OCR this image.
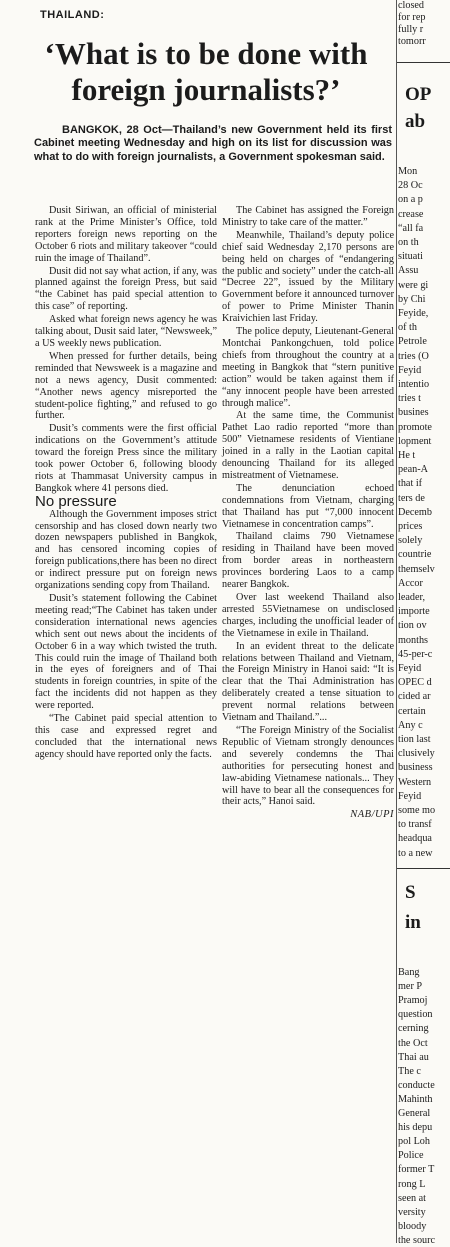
THAILAND:
‘What is to be done with foreign journalists?’
BANGKOK, 28 Oct—Thailand’s new Government held its first Cabinet meeting Wednesday and high on its list for discussion was what to do with foreign journalists, a Government spokesman said.

Dusit Siriwan, an official of ministerial rank at the Prime Minister’s Office, told reporters foreign news reporting on the October 6 riots and military takeover “could ruin the image of Thailand”.

Dusit did not say what action, if any, was planned against the foreign Press, but said “the Cabinet has paid special attention to this case” of reporting.

Asked what foreign news agency he was talking about, Dusit said later, “Newsweek,” a US weekly news publication.

When pressed for further details, being reminded that Newsweek is a magazine and not a news agency, Dusit commented: “Another news agency misreported the student-police fighting,” and refused to go further.

Dusit’s comments were the first official indications on the Government’s attitude toward the foreign Press since the military took power October 6, following bloody riots at Thammasat University campus in Bangkok where 41 persons died.

No pressure

Although the Government imposes strict censorship and has closed down nearly two dozen newspapers published in Bangkok, and has censored incoming copies of foreign publications,there has been no direct or indirect pressure put on foreign news organizations sending copy from Thailand.

Dusit’s statement following the Cabinet meeting read;“The Cabinet has taken under consideration international news agencies which sent out news about the incidents of October 6 in a way which twisted the truth. This could ruin the image of Thailand both in the eyes of foreigners and of Thai students in foreign countries, in spite of the fact the incidents did not happen as they were reported.

“The Cabinet paid special attention to this case and expressed regret and concluded that the international news agency should have reported only the facts.

The Cabinet has assigned the Foreign Ministry to take care of the matter.”

Meanwhile, Thailand’s deputy police chief said Wednesday 2,170 persons are being held on charges of “endangering the public and society” under the catch-all “Decree 22”, issued by the Military Government before it announced turnover of power to Prime Minister Thanin Kraivichien last Friday.

The police deputy, Lieutenant-General Montchai Pankongchuen, told police chiefs from throughout the country at a meeting in Bangkok that “stern punitive action” would be taken against them if “any innocent people have been arrested through malice”.

At the same time, the Communist Pathet Lao radio reported “more than 500” Vietnamese residents of Vientiane joined in a rally in the Laotian capital denouncing Thailand for its alleged mistreatment of Vietnamese.

The denunciation echoed condemnations from Vietnam, charging that Thailand has put “7,000 innocent Vietnamese in concentration camps”.

Thailand claims 790 Vietnamese residing in Thailand have been moved from border areas in northeastern provinces bordering Laos to a camp nearer Bangkok.

Over last weekend Thailand also arrested 55Vietnamese on undisclosed charges, including the unofficial leader of the Vietnamese in exile in Thailand.

In an evident threat to the delicate relations between Thailand and Vietnam, the Foreign Ministry in Hanoi said: “It is clear that the Thai Administration has deliberately created a tense situation to prevent normal relations between Vietnam and Thailand.”...

“The Foreign Ministry of the Socialist Republic of Vietnam strongly denounces and severely condemns the Thai authorities for persecuting honest and law-abiding Vietnamese nationals... They will have to bear all the consequences for their acts,” Hanoi said.

NAB/UPI

closed
for rep
fully r
tomorr
OP
ab
Mon
28 Oc
on a p
crease
“all fa
on th
situati
Assu
were gi
by Chi
Feyide,
of th
Petrole
tries (O
Feyid
intentio
tries t
busines
promote
lopment
He t
pean-A
that if
ters de
Decemb
prices
solely
countrie
themselv
Accor
leader,
importe
tion ov
months
45-per-c
Feyid
OPEC d
cided ar
certain
Any c
tion last
clusively
business
Western
Feyid
some mo
to transf
headqua
to a new
S
in
Bang
mer P
Pramoj
question
cerning
the Oct
Thai au
The c
conducte
Mahinth
General
his depu
pol Loh
Police
former T
rong L
seen at
versity
bloody
the sourc
